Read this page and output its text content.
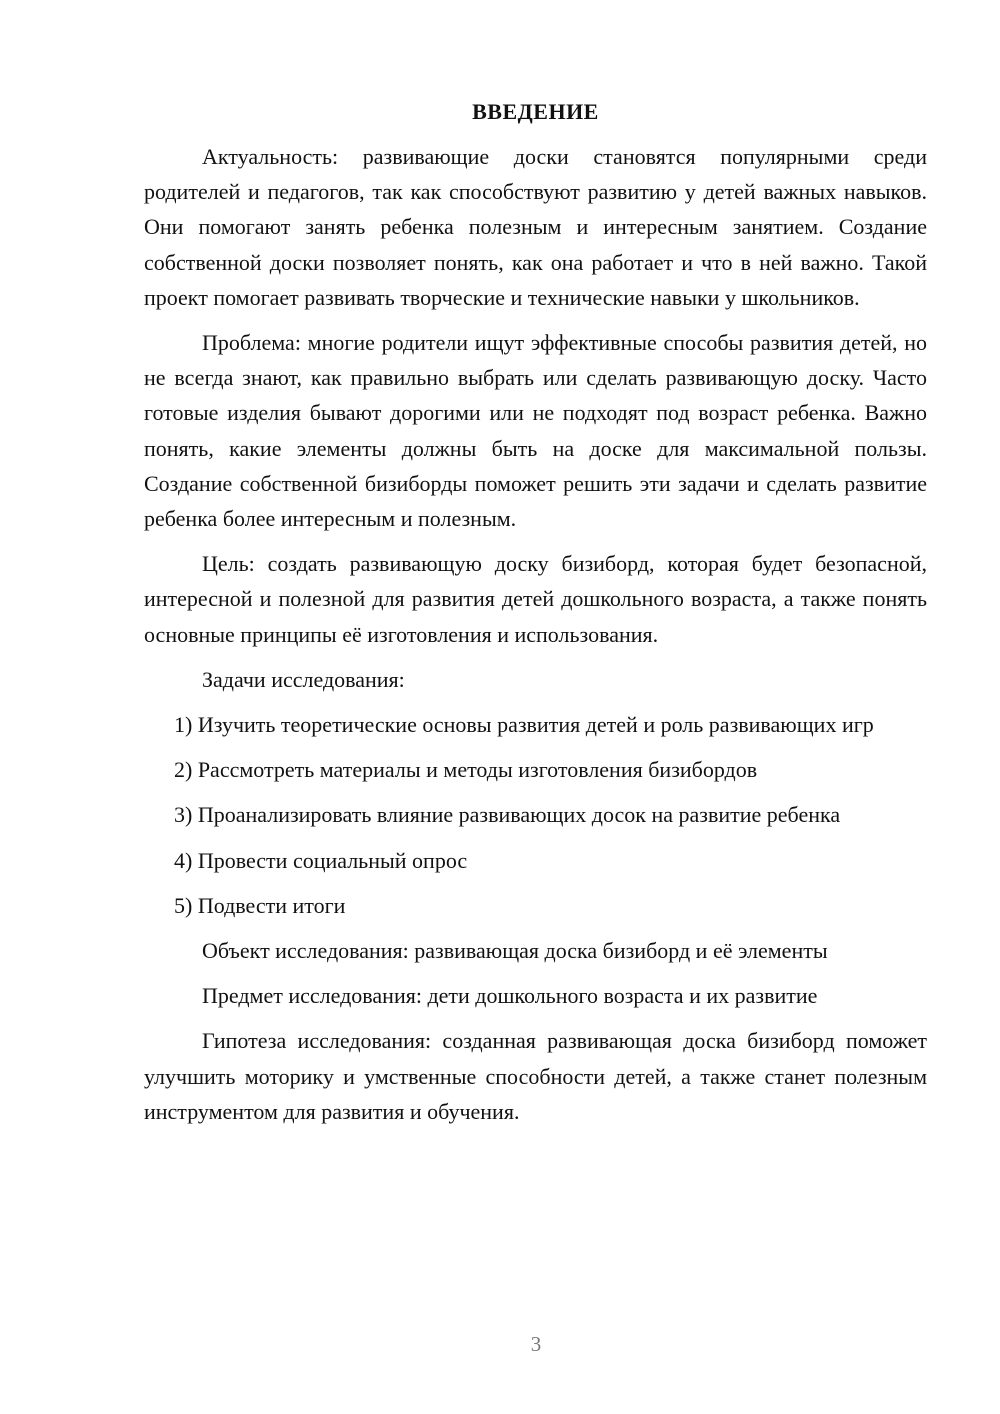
ВВЕДЕНИЕ

Актуальность: развивающие доски становятся популярными среди родителей и педагогов, так как способствуют развитию у детей важных навыков. Они помогают занять ребенка полезным и интересным занятием. Создание собственной доски позволяет понять, как она работает и что в ней важно. Такой проект помогает развивать творческие и технические навыки у школьников.

Проблема: многие родители ищут эффективные способы развития детей, но не всегда знают, как правильно выбрать или сделать развивающую доску. Часто готовые изделия бывают дорогими или не подходят под возраст ребенка. Важно понять, какие элементы должны быть на доске для максимальной пользы. Создание собственной бизиборды поможет решить эти задачи и сделать развитие ребенка более интересным и полезным.

Цель: создать развивающую доску бизиборд, которая будет безопасной, интересной и полезной для развития детей дошкольного возраста, а также понять основные принципы её изготовления и использования.

Задачи исследования:

1) Изучить теоретические основы развития детей и роль развивающих игр

2) Рассмотреть материалы и методы изготовления бизибордов

3) Проанализировать влияние развивающих досок на развитие ребенка

4) Провести социальный опрос

5) Подвести итоги

Объект исследования: развивающая доска бизиборд и её элементы

Предмет исследования: дети дошкольного возраста и их развитие

Гипотеза исследования: созданная развивающая доска бизиборд поможет улучшить моторику и умственные способности детей, а также станет полезным инструментом для развития и обучения.

3
